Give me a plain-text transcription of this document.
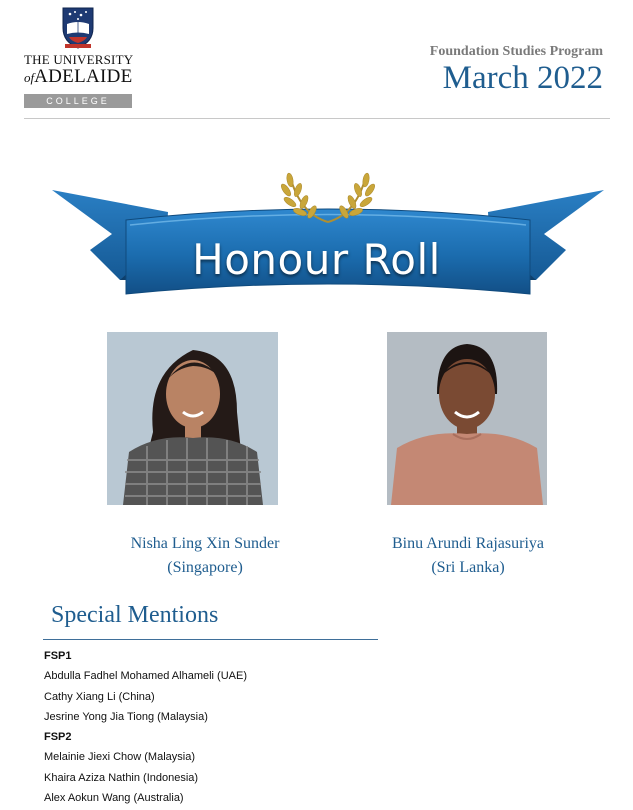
THE UNIVERSITY
ofADELAIDE
COLLEGE
Foundation Studies Program
March 2022
Honour Roll
Nisha Ling Xin Sunder
(Singapore)
Binu Arundi Rajasuriya
(Sri Lanka)
Special Mentions
FSP1
Abdulla Fadhel Mohamed Alhameli (UAE)
Cathy Xiang Li (China)
Jesrine Yong Jia Tiong (Malaysia)
FSP2
Melainie Jiexi Chow (Malaysia)
Khaira Aziza Nathin (Indonesia)
Alex Aokun Wang (Australia)
